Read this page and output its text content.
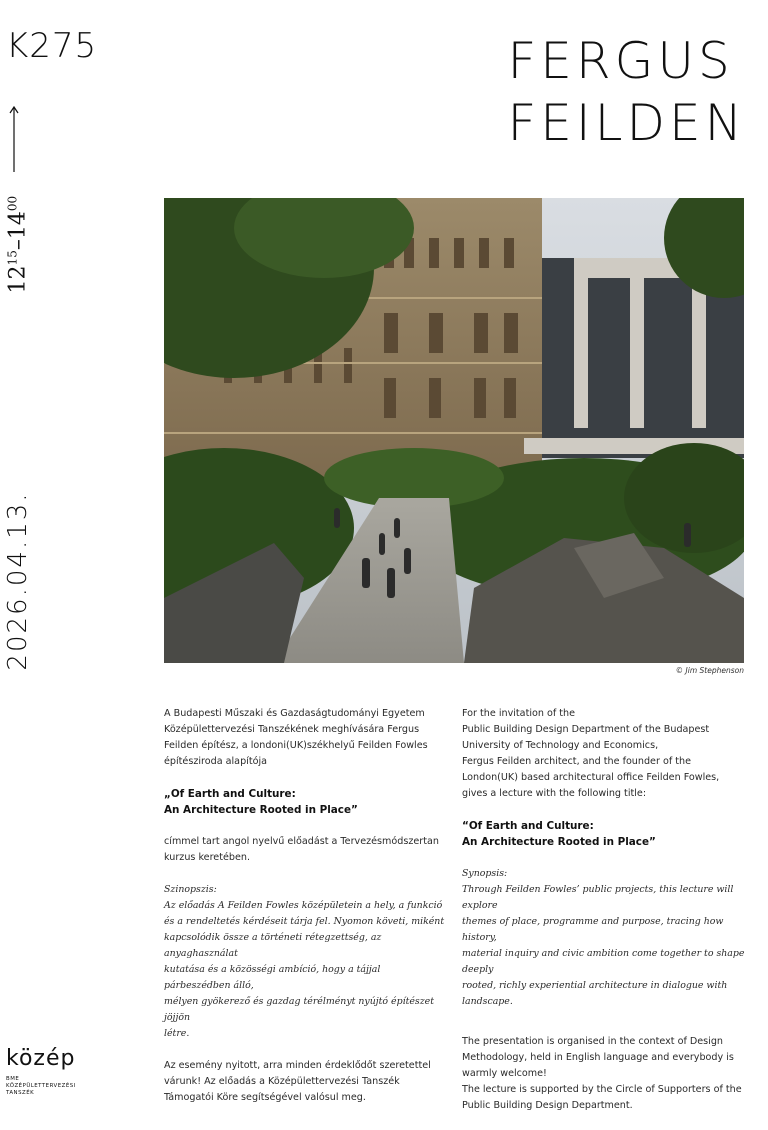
K275	FERGUS
FEILDEN
$12^{15}-14^{00}$
2026.04.13.	© Jim Stephenson

A Budapesti Műszaki és Gazdaságtudományi Egyetem
Középülettervezési Tanszékének meghívására Fergus
Feilden építész, a londoni(UK)székhelyű Feilden Fowles
építésziroda alapítója

„Of Earth and Culture:
An Architecture Rooted in Place”

címmel tart angol nyelvű előadást a Tervezésmódszertan
kurzus keretében.

Szinopszis:
Az előadás A Feilden Fowles középületein a hely, a funkció
és a rendeltetés kérdéseit tárja fel. Nyomon követi, miként
kapcsolódik össze a történeti rétegzettség, az anyaghasználat
kutatása és a közösségi ambíció, hogy a tájjal párbeszédben álló,
mélyen gyökerező és gazdag térélményt nyújtó építészet jöjjön
létre.

Az esemény nyitott, arra minden érdeklődőt szeretettel
várunk! Az előadás a Középülettervezési Tanszék
Támogatói Köre segítségével valósul meg.

For the invitation of the
Public Building Design Department of the Budapest
University of Technology and Economics,
Fergus Feilden architect, and the founder of the
London(UK) based architectural office Feilden Fowles,
gives a lecture with the following title:

“Of Earth and Culture:
An Architecture Rooted in Place”

Synopsis:
Through Feilden Fowles’ public projects, this lecture will explore
themes of place, programme and purpose, tracing how history,
material inquiry and civic ambition come together to shape deeply
rooted, richly experiential architecture in dialogue with landscape.

The presentation is organised in the context of Design
Methodology, held in English language and everybody is
warmly welcome!
The lecture is supported by the Circle of Supporters of the
Public Building Design Department.

közép
BME
KÖZÉPÜLETTERVEZÉSI
TANSZÉK
